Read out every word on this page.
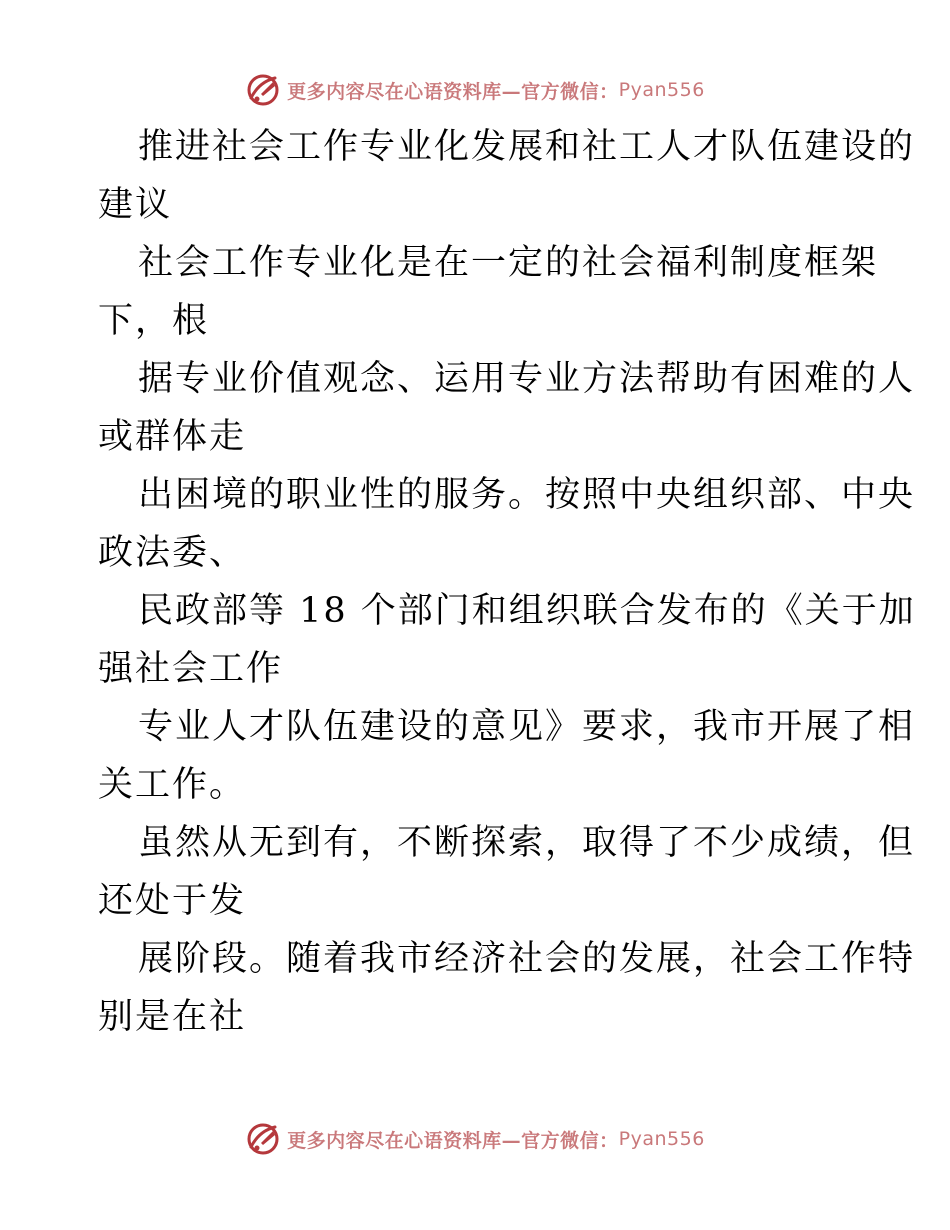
更多内容尽在心语资料库—官方微信： Pyan556
推进社会工作专业化发展和社工人才队伍建设的
建议
社会工作专业化是在一定的社会福利制度框架
下，根
据专业价值观念、运用专业方法帮助有困难的人
或群体走
出困境的职业性的服务。按照中央组织部、中央
政法委、
民政部等 18 个部门和组织联合发布的《关于加
强社会工作
专业人才队伍建设的意见》要求，我市开展了相
关工作。
虽然从无到有，不断探索，取得了不少成绩，但
还处于发
展阶段。随着我市经济社会的发展，社会工作特
别是在社
更多内容尽在心语资料库—官方微信： Pyan556
